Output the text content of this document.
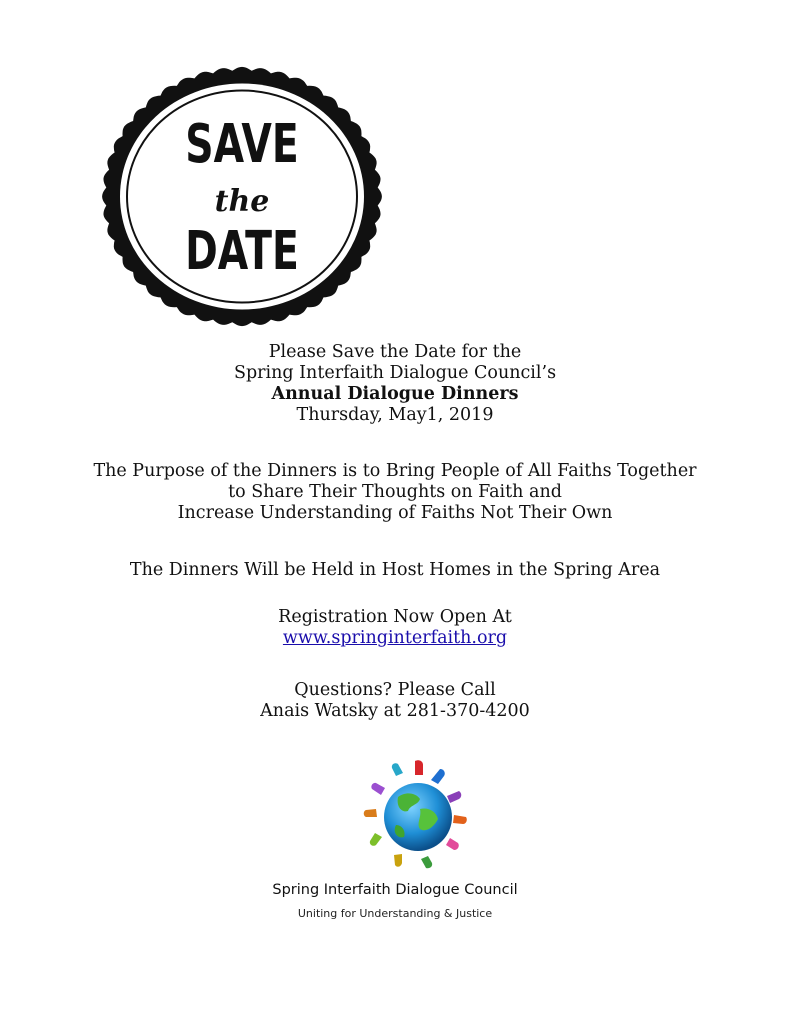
SAVE
the
DATE
Please Save the Date for the
Spring Interfaith Dialogue Council’s
Annual Dialogue Dinners
Thursday, May1, 2019
The Purpose of the Dinners is to Bring People of All Faiths Together
to Share Their Thoughts on Faith and
Increase Understanding of Faiths Not Their Own
The Dinners Will be Held in Host Homes in the Spring Area
Registration Now Open At
www.springinterfaith.org
Questions? Please Call
Anais Watsky at 281-370-4200
Spring Interfaith Dialogue Council
Uniting for Understanding & Justice
